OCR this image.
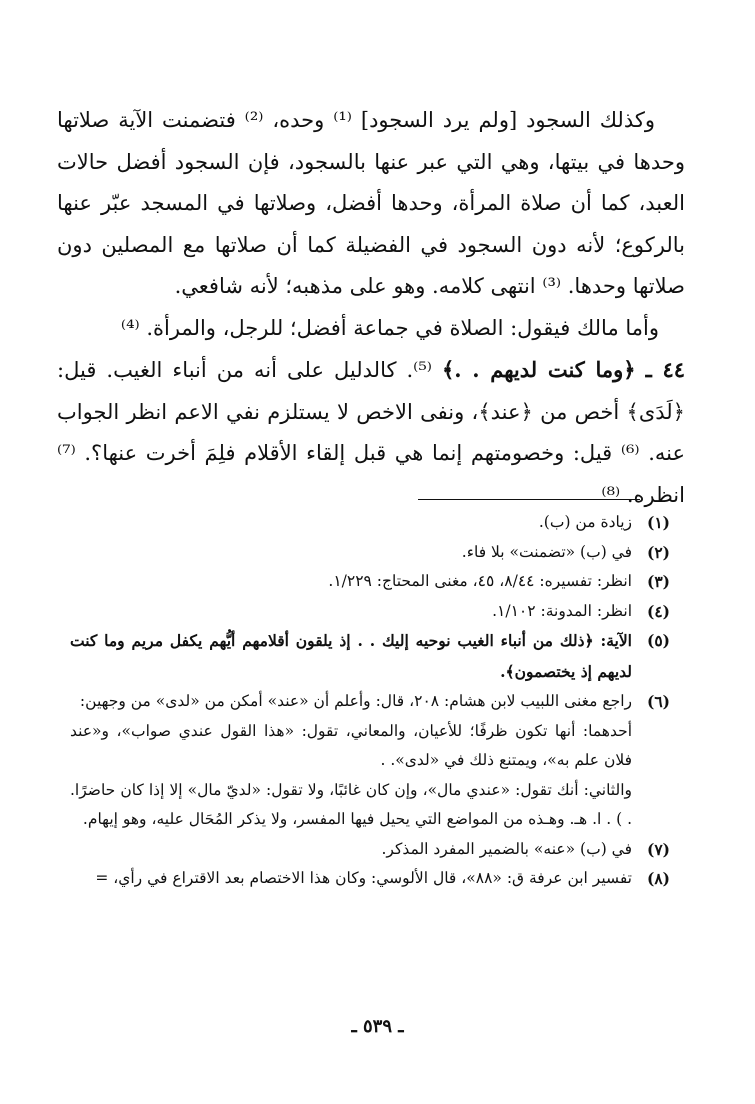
وكذلك السجود [ولم يرد السجود] ⁽¹⁾ وحده، ⁽²⁾ فتضمنت الآية صلاتها وحدها في بيتها، وهي التي عبر عنها بالسجود، فإن السجود أفضل حالات العبد، كما أن صلاة المرأة، وحدها أفضل، وصلاتها في المسجد عبّر عنها بالركوع؛ لأنه دون السجود في الفضيلة كما أن صلاتها مع المصلين دون صلاتها وحدها. ⁽³⁾ انتهى كلامه. وهو على مذهبه؛ لأنه شافعي.

وأما مالك فيقول: الصلاة في جماعة أفضل؛ للرجل، والمرأة. ⁽⁴⁾

٤٤ ـ ﴿وما كنت لديهم . .﴾ ⁽⁵⁾. كالدليل على أنه من أنباء الغيب. قيل: ﴿لَدَى﴾ أخص من ﴿عند﴾، ونفى الاخص لا يستلزم نفي الاعم انظر الجواب عنه. ⁽⁶⁾ قيل: وخصومتهم إنما هي قبل إلقاء الأقلام فلِمَ أخرت عنها؟. ⁽⁷⁾ انظره. ⁽⁸⁾

(١)
زيادة من (ب).
(٢)
في (ب) «تضمنت» بلا فاء.
(٣)
انظر: تفسيره: ٨/٤٤، ٤٥، مغنى المحتاج: ١/٢٢٩.
(٤)
انظر: المدونة: ١/١٠٢.
(٥)
الآية: ﴿ذلك من أنباء الغيب نوحيه إليك . . إذ يلقون أقلامهم أيُّهم يكفل مريم وما كنت لديهم إذ يختصمون﴾.
(٦)
راجع مغنى اللبيب لابن هشام: ٢٠٨، قال: وأعلم أن «عند» أمكن من «لدى» من وجهين:
أحدهما: أنها تكون ظرفًا؛ للأعيان، والمعاني، تقول: «هذا القول عندي صواب»، و«عند فلان علم به»، ويمتنع ذلك في «لدى». .
والثاني: أنك تقول: «عندي مال»، وإن كان غائبًا، ولا تقول: «لديّ مال» إلا إذا كان حاضرًا. . ) . ا. هـ. وهـذه من المواضع التي يحيل فيها المفسر، ولا يذكر المُحَال عليه، وهو إيهام.
(٧)
في (ب) «عنه» بالضمير المفرد المذكر.
(٨)
تفسير ابن عرفة ق: «٨٨»، قال الألوسي: وكان هذا الاختصام بعد الاقتراع في رأي، =
ـ ٥٣٩ ـ
